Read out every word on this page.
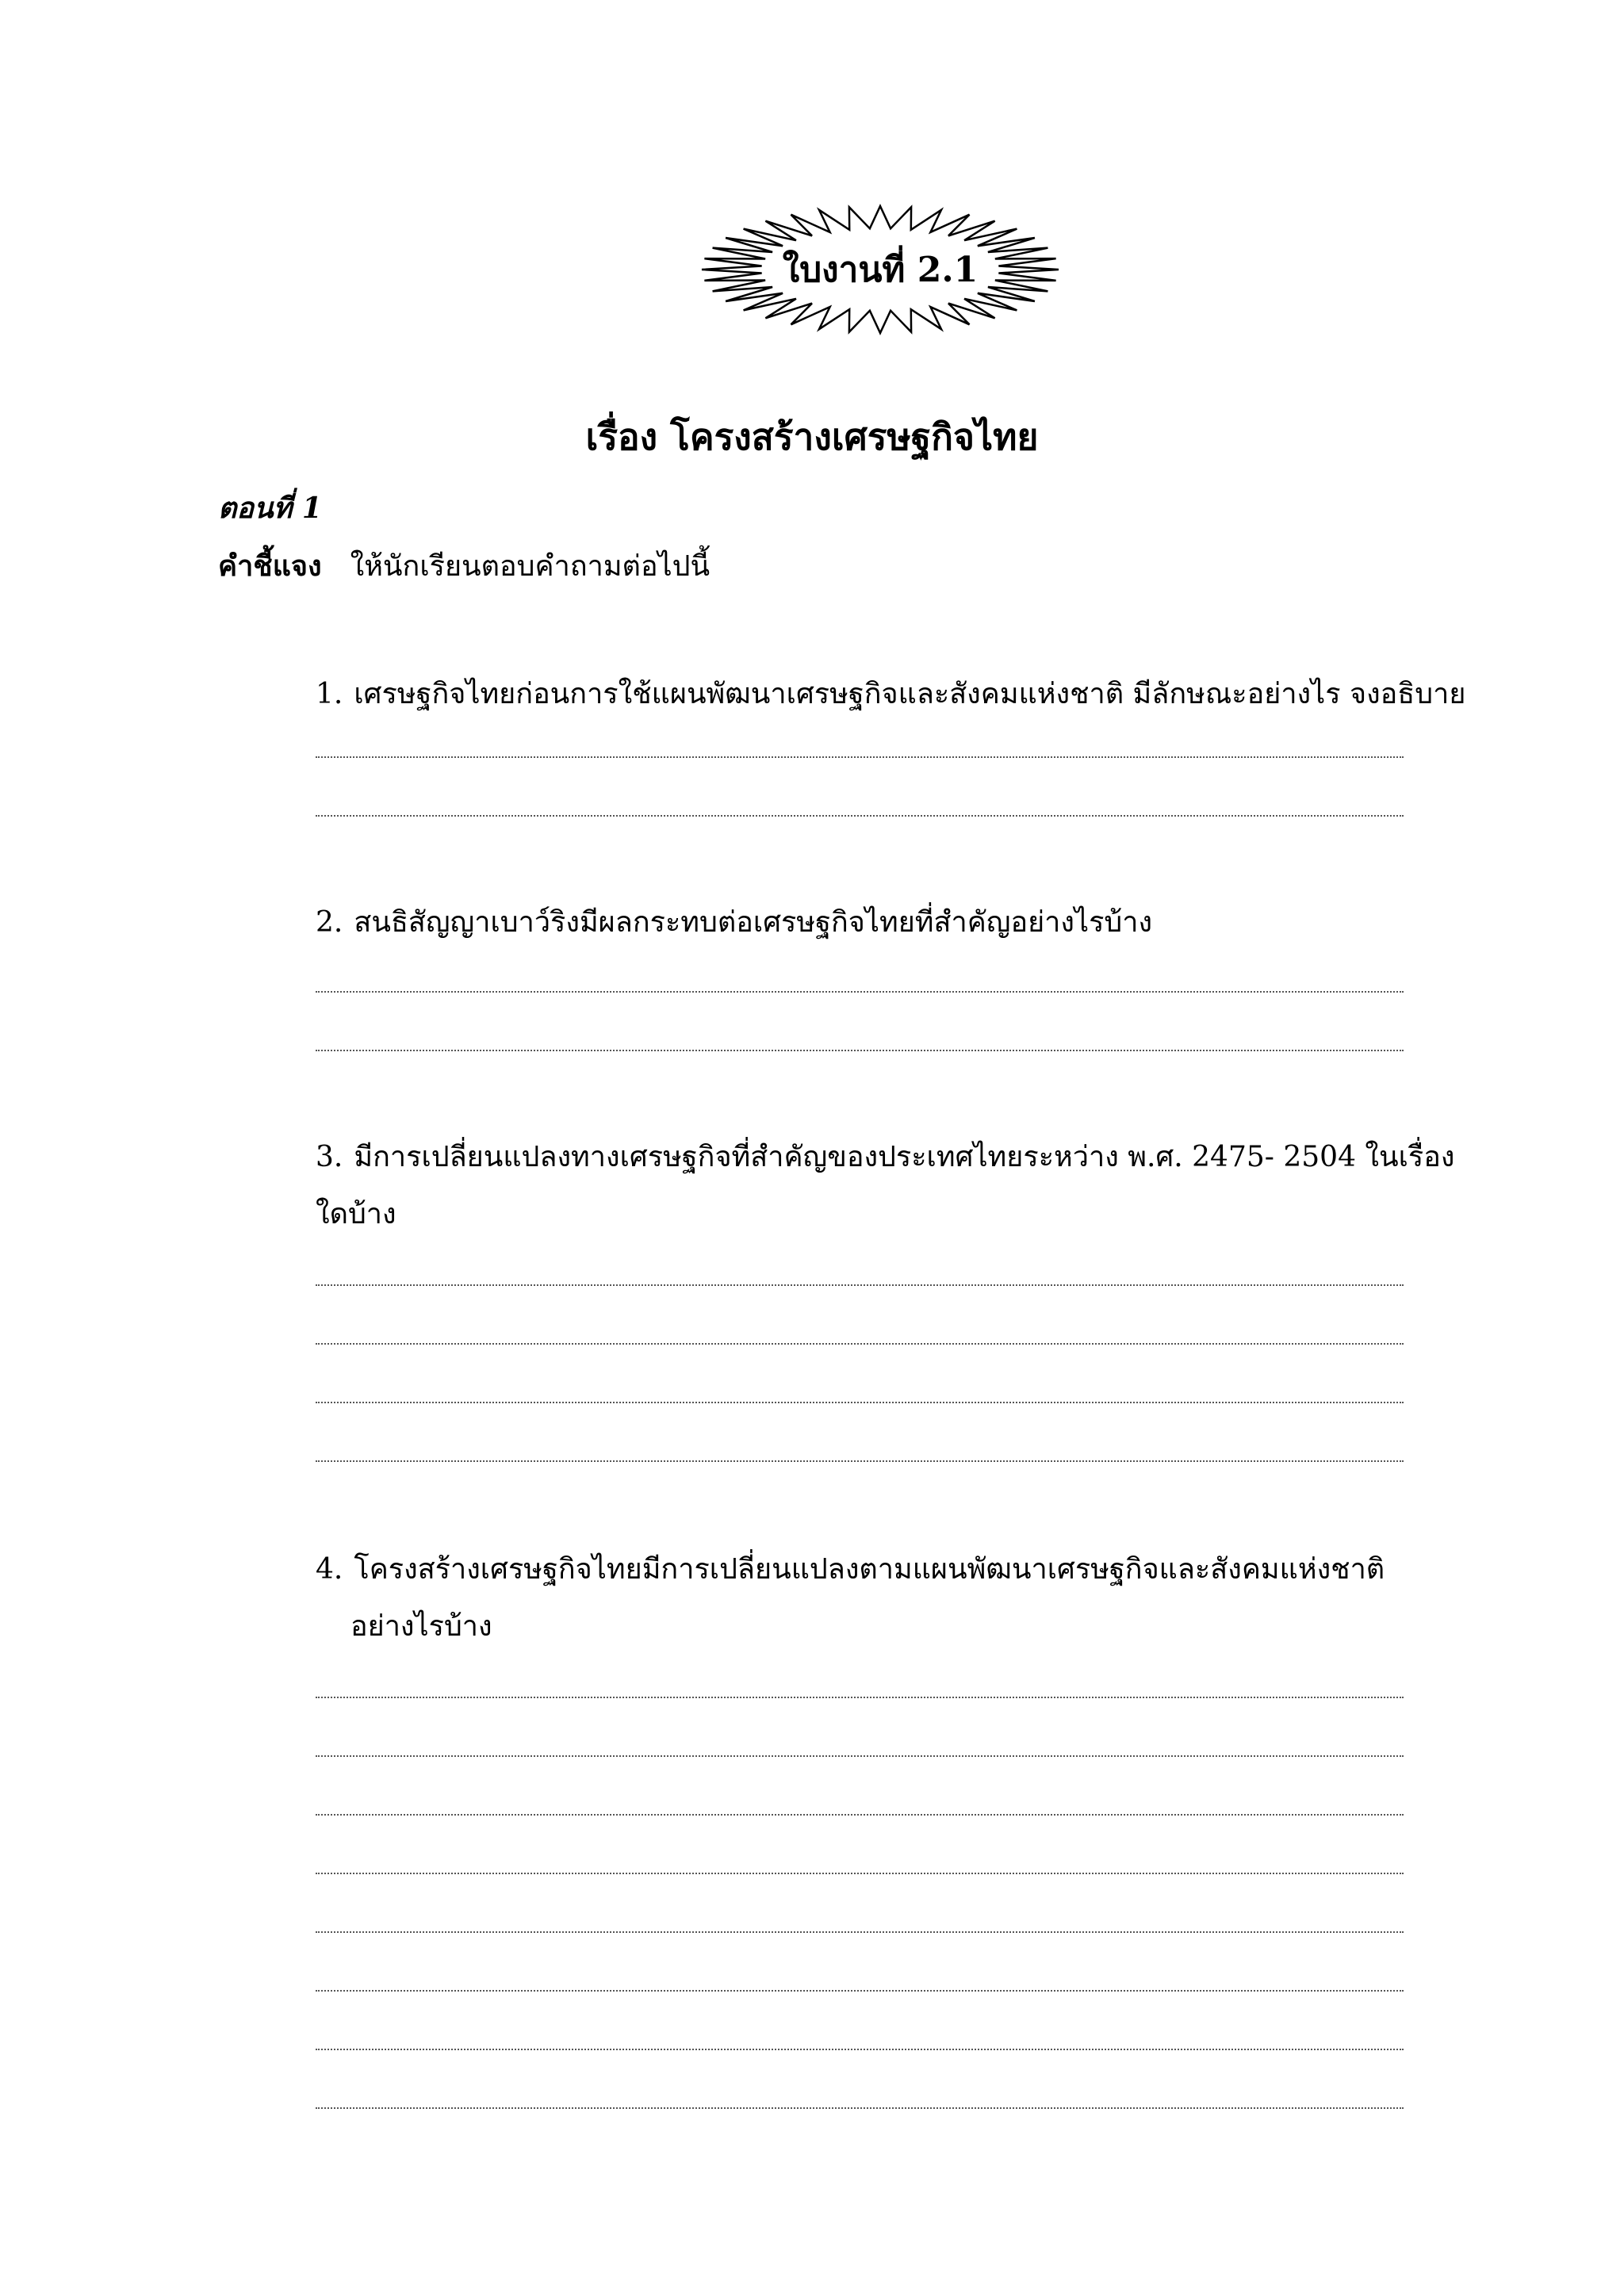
ใบงานที่ 2.1
เรื่อง โครงสร้างเศรษฐกิจไทย
ตอนที่ 1
คำชี้แจง ให้นักเรียนตอบคำถามต่อไปนี้
1. เศรษฐกิจไทยก่อนการใช้แผนพัฒนาเศรษฐกิจและสังคมแห่งชาติ มีลักษณะอย่างไร จงอธิบาย
2. สนธิสัญญาเบาว์ริงมีผลกระทบต่อเศรษฐกิจไทยที่สำคัญอย่างไรบ้าง
3. มีการเปลี่ยนแปลงทางเศรษฐกิจที่สำคัญของประเทศไทยระหว่าง พ.ศ. 2475- 2504 ในเรื่อง
ใดบ้าง
4. โครงสร้างเศรษฐกิจไทยมีการเปลี่ยนแปลงตามแผนพัฒนาเศรษฐกิจและสังคมแห่งชาติ
อย่างไรบ้าง
